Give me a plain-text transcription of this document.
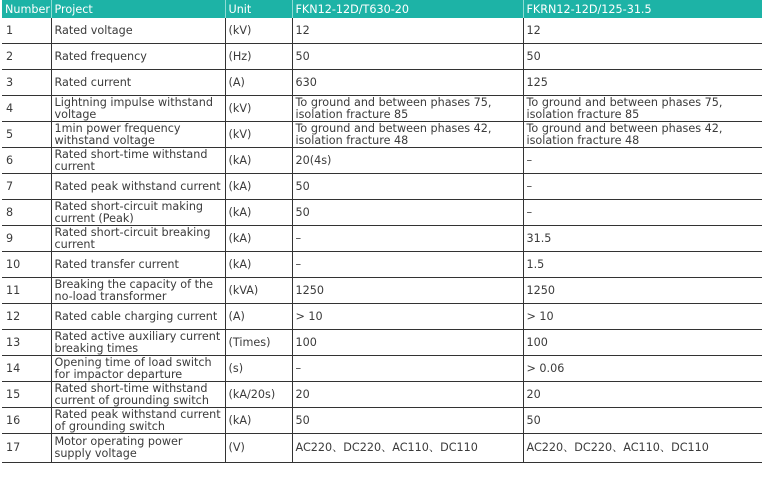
Number	Project	Unit	FKN12-12D/T630-20	FKRN12-12D/125-31.5
1	Rated voltage	(kV)	12	12
2	Rated frequency	(Hz)	50	50
3	Rated current	(A)	630	125
4	Lightning impulse withstand voltage	(kV)	To ground and between phases 75, isolation fracture 85	To ground and between phases 75, isolation fracture 85
5	1min power frequency withstand voltage	(kV)	To ground and between phases 42, isolation fracture 48	To ground and between phases 42, isolation fracture 48
6	Rated short-time withstand current	(kA)	20(4s)	–
7	Rated peak withstand current	(kA)	50	–
8	Rated short-circuit making current (Peak)	(kA)	50	–
9	Rated short-circuit breaking current	(kA)	–	31.5
10	Rated transfer current	(kA)	–	1.5
11	Breaking the capacity of the no-load transformer	(kVA)	1250	1250
12	Rated cable charging current	(A)	> 10	> 10
13	Rated active auxiliary current breaking times	(Times)	100	100
14	Opening time of load switch for impactor departure	(s)	–	> 0.06
15	Rated short-time withstand current of grounding switch	(kA/20s)	20	20
16	Rated peak withstand current of grounding switch	(kA)	50	50
17	Motor operating power supply voltage	(V)	AC220、DC220、AC110、DC110	AC220、DC220、AC110、DC110
